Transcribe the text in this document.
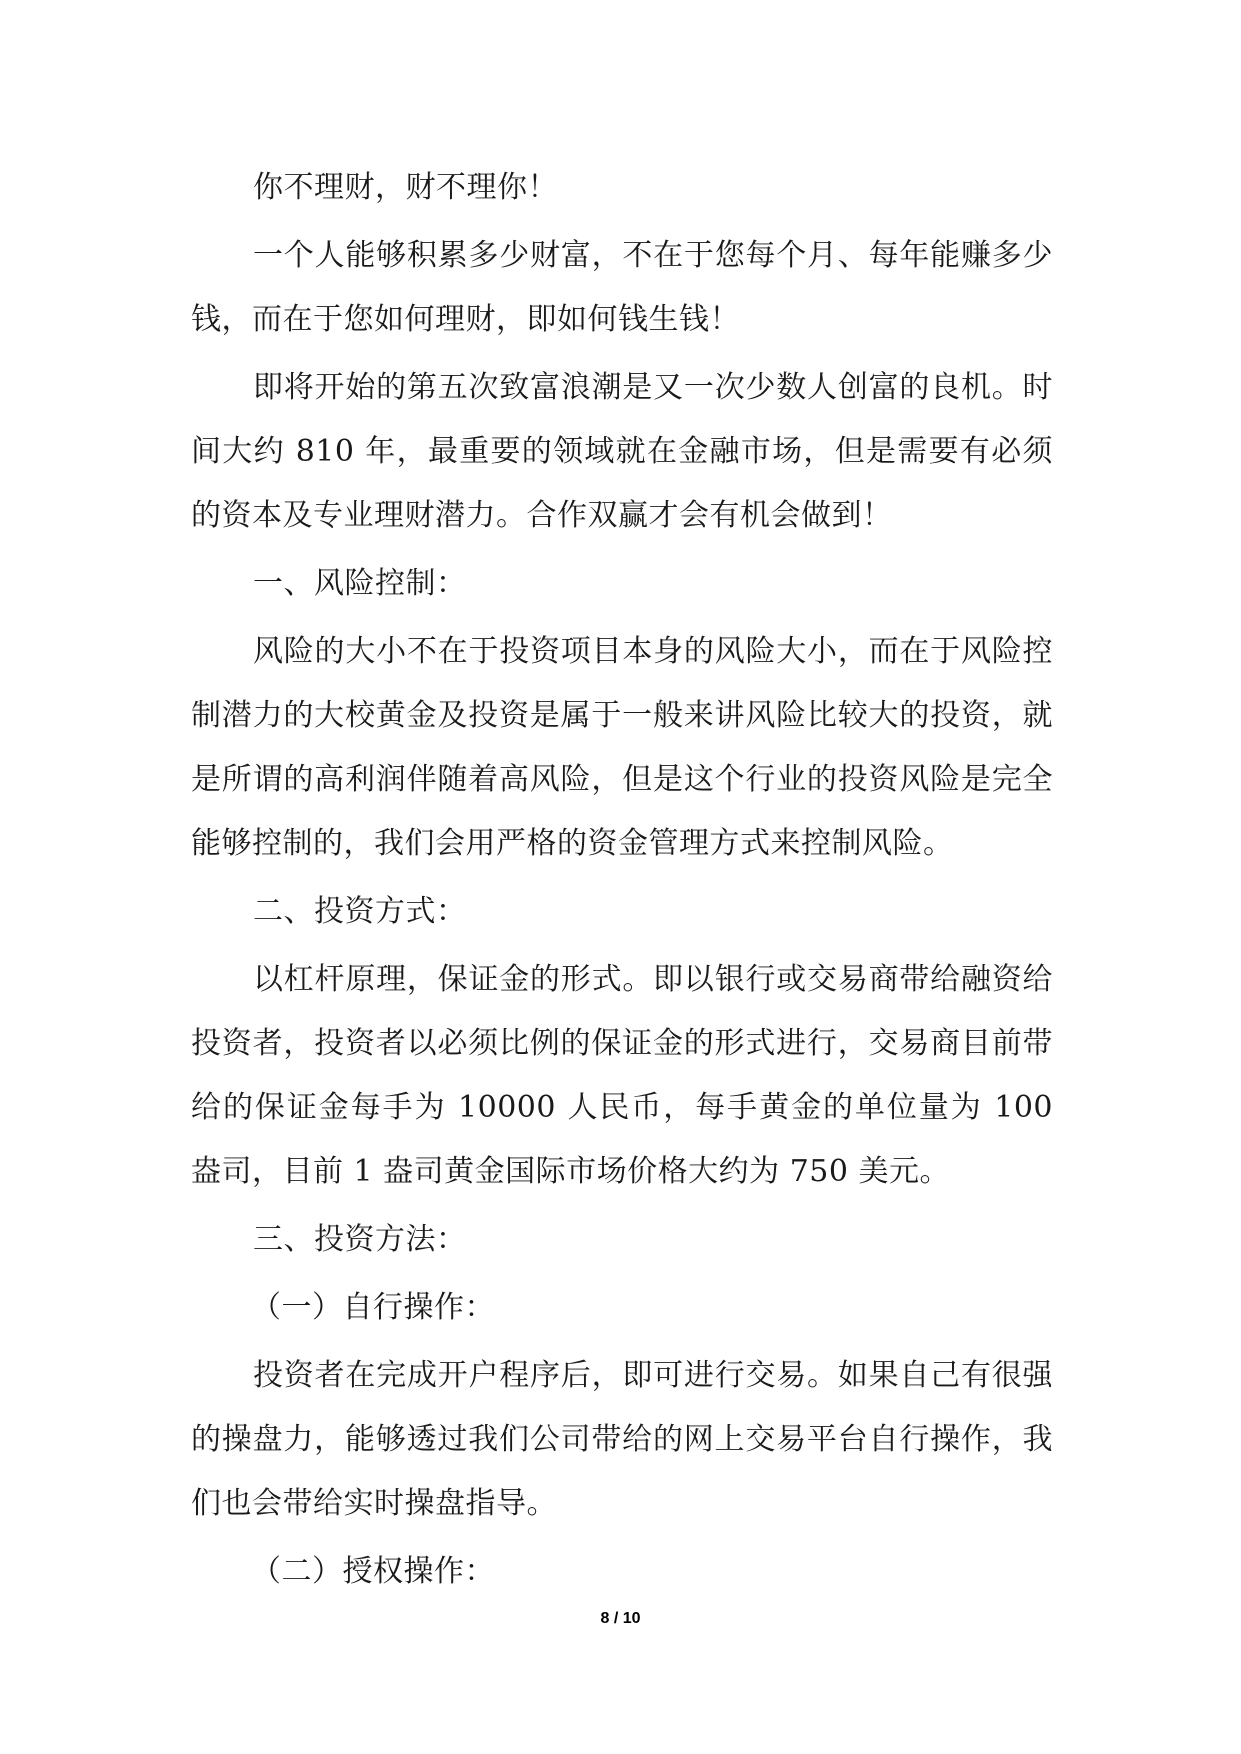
你不理财，财不理你！

一个人能够积累多少财富，不在于您每个月、每年能赚多少钱，而在于您如何理财，即如何钱生钱！

即将开始的第五次致富浪潮是又一次少数人创富的良机。时间大约 810 年，最重要的领域就在金融市场，但是需要有必须的资本及专业理财潜力。合作双赢才会有机会做到！

一、风险控制：

风险的大小不在于投资项目本身的风险大小，而在于风险控制潜力的大校黄金及投资是属于一般来讲风险比较大的投资，就是所谓的高利润伴随着高风险，但是这个行业的投资风险是完全能够控制的，我们会用严格的资金管理方式来控制风险。

二、投资方式：

以杠杆原理，保证金的形式。即以银行或交易商带给融资给投资者，投资者以必须比例的保证金的形式进行，交易商目前带给的保证金每手为 10000 人民币，每手黄金的单位量为 100 盎司，目前 1 盎司黄金国际市场价格大约为 750 美元。

三、投资方法：

（一）自行操作：

投资者在完成开户程序后，即可进行交易。如果自己有很强的操盘力，能够透过我们公司带给的网上交易平台自行操作，我们也会带给实时操盘指导。

（二）授权操作：

8 / 10
